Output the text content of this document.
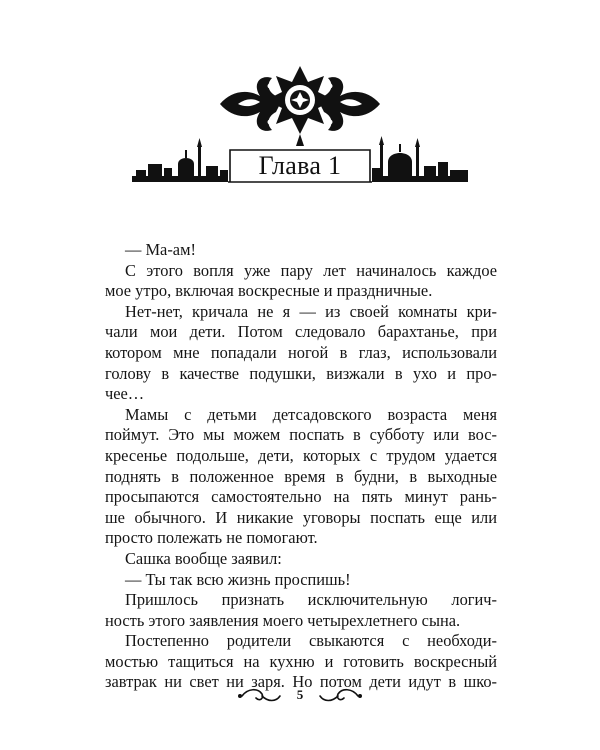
Глава 1

— Ма-ам!

С этого вопля уже пару лет начиналось каждое

мое утро, включая воскресные и праздничные.

Нет-нет, кричала не я — из своей комнаты кри-

чали мои дети. Потом следовало барахтанье, при

котором мне попадали ногой в глаз, использовали

голову в качестве подушки, визжали в ухо и про-

чее…

Мамы с детьми детсадовского возраста меня

поймут. Это мы можем поспать в субботу или вос-

кресенье подольше, дети, которых с трудом удается

поднять в положенное время в будни, в выходные

просыпаются самостоятельно на пять минут рань-

ше обычного. И никакие уговоры поспать еще или

просто полежать не помогают.

Сашка вообще заявил:

— Ты так всю жизнь проспишь!

Пришлось признать исключительную логич-

ность этого заявления моего четырехлетнего сына.

Постепенно родители свыкаются с необходи-

мостью тащиться на кухню и готовить воскресный

завтрак ни свет ни заря. Но потом дети идут в шко-

5
